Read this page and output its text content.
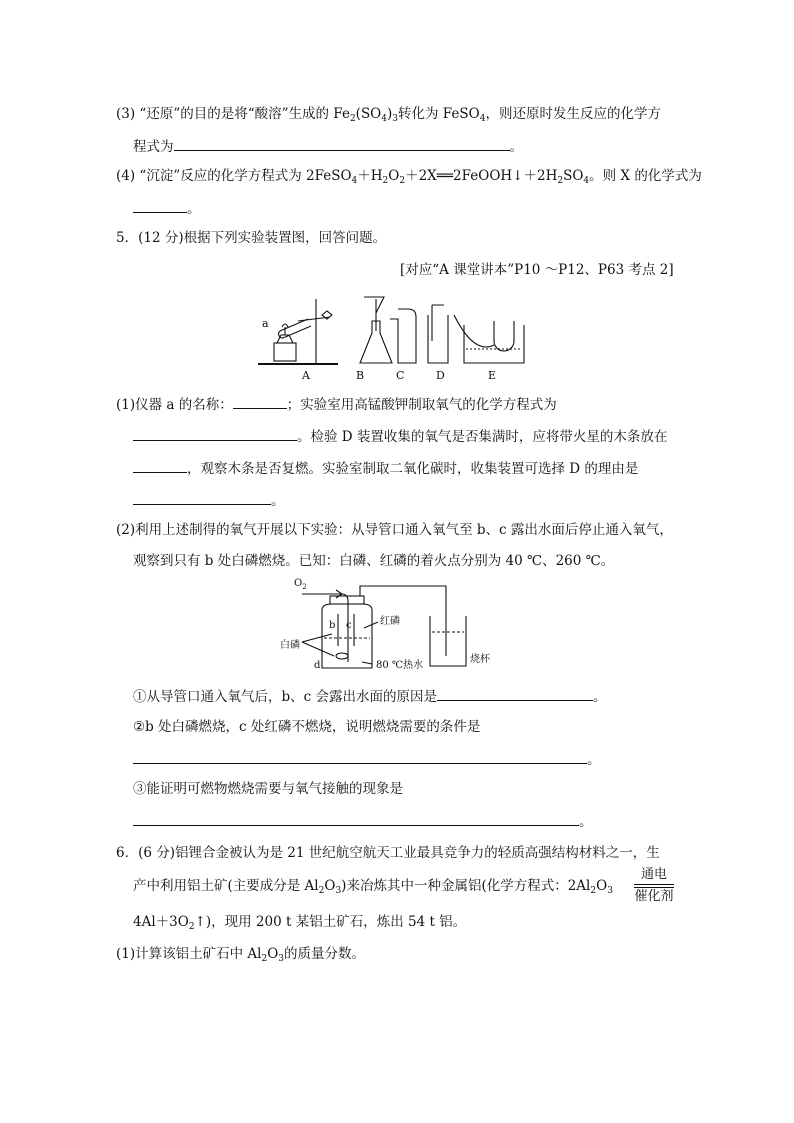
(3) “还原”的目的是将“酸溶”生成的 $Fe_2(SO_4)_3$转化为 FeSO$_4$，则还原时发生反应的化学方
程式为	。
(4) “沉淀”反应的化学方程式为 $2FeSO_4+H_2O_2+2X══2FeOOH↓+2H_2SO_4$。则 X 的化学式为
。
5．(12 分)根据下列实验装置图，回答问题。
[对应“A 课堂讲本”P10 ～P12、P63 考点 2]
a
A	B	C	D	E
(1)仪器 a 的名称：	；实验室用高锰酸钾制取氧气的化学方程式为
。检验 D 装置收集的氧气是否集满时，应将带火星的木条放在
，观察木条是否复燃。实验室制取二氧化碳时，收集装置可选择 D 的理由是
。
(2)利用上述制得的氧气开展以下实验：从导管口通入氧气至 b、c 露出水面后停止通入氧气，
观察到只有 b 处白磷燃烧。已知：白磷、红磷的着火点分别为 40 ℃、260 ℃。
$O_2$
红磷
白磷
b c
d	80 ℃热水
烧杯
①从导管口通入氧气后，b、c 会露出水面的原因是	。
②b 处白磷燃烧，c 处红磷不燃烧，说明燃烧需要的条件是
。
③能证明可燃物燃烧需要与氧气接触的现象是
。
6．(6 分)铝锂合金被认为是 21 世纪航空航天工业最具竞争力的轻质高强结构材料之一，生
产中利用铝土矿(主要成分是 $Al_2O_3$)来冶炼其中一种金属铝(化学方程式：$2Al_2O_3$
通电
催化剂
$4Al+3O_2↑$)，现用 200 t 某铝土矿石，炼出 54 t 铝。
(1)计算该铝土矿石中 $Al_2O_3$的质量分数。
